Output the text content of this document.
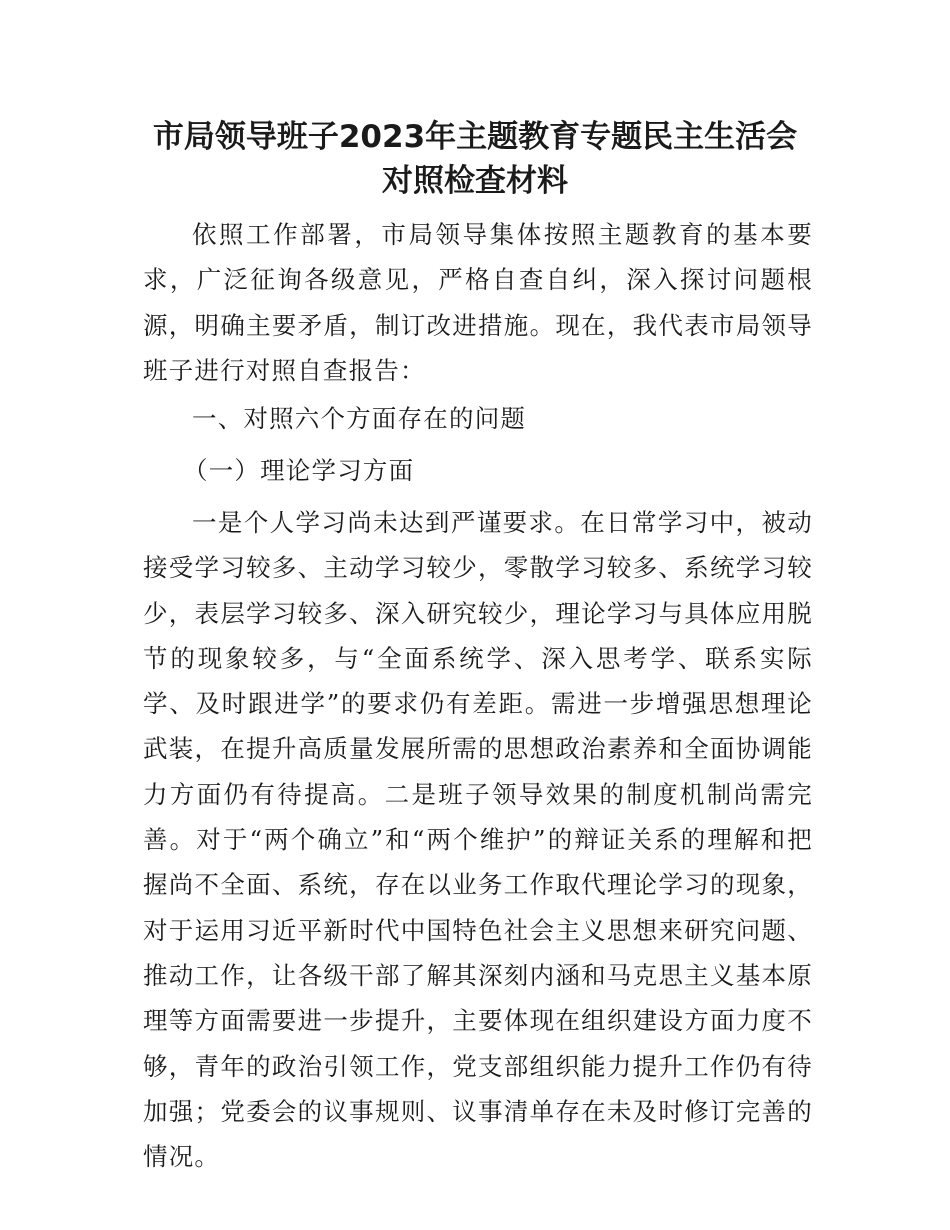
市局领导班子2023年主题教育专题民主生活会
对照检查材料

依照工作部署，市局领导集体按照主题教育的基本要求，广泛征询各级意见，严格自查自纠，深入探讨问题根源，明确主要矛盾，制订改进措施。现在，我代表市局领导班子进行对照自查报告：

一、对照六个方面存在的问题

（一）理论学习方面

一是个人学习尚未达到严谨要求。在日常学习中，被动接受学习较多、主动学习较少，零散学习较多、系统学习较少，表层学习较多、深入研究较少，理论学习与具体应用脱节的现象较多，与“全面系统学、深入思考学、联系实际学、及时跟进学”的要求仍有差距。需进一步增强思想理论武装，在提升高质量发展所需的思想政治素养和全面协调能力方面仍有待提高。二是班子领导效果的制度机制尚需完善。对于“两个确立”和“两个维护”的辩证关系的理解和把握尚不全面、系统，存在以业务工作取代理论学习的现象，对于运用习近平新时代中国特色社会主义思想来研究问题、推动工作，让各级干部了解其深刻内涵和马克思主义基本原理等方面需要进一步提升，主要体现在组织建设方面力度不够，青年的政治引领工作，党支部组织能力提升工作仍有待加强；党委会的议事规则、议事清单存在未及时修订完善的情况。
